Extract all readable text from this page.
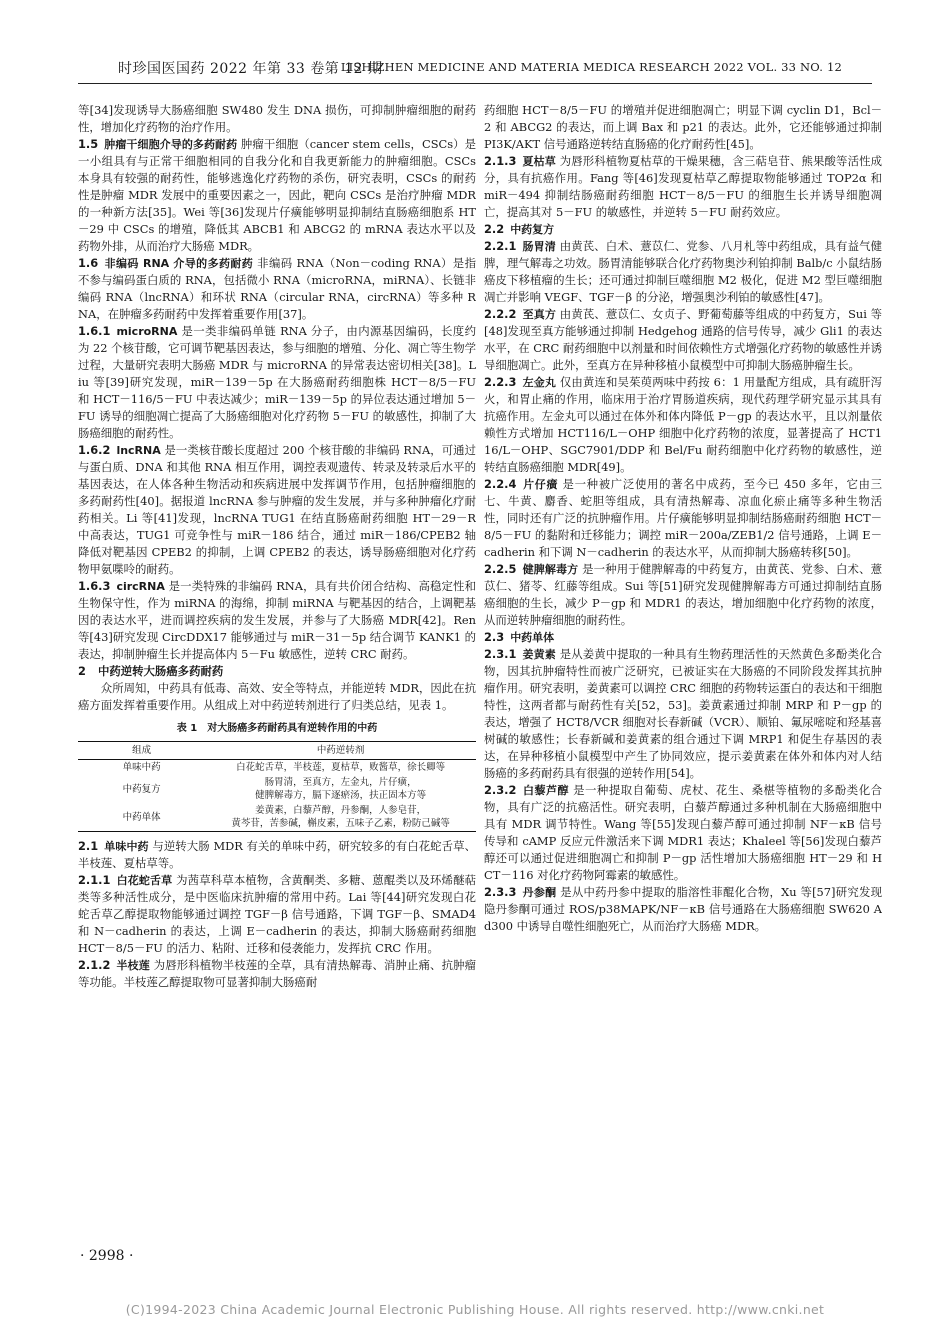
时珍国医国药 2022 年第 33 卷第 12 期
LISHIZHEN MEDICINE AND MATERIA MEDICA RESEARCH 2022 VOL. 33 NO. 12

等[34]发现诱导大肠癌细胞 SW480 发生 DNA 损伤，可抑制肿瘤细胞的耐药性，增加化疗药物的治疗作用。

1.5 肿瘤干细胞介导的多药耐药 肿瘤干细胞（cancer stem cells，CSCs）是一小组具有与正常干细胞相同的自我分化和自我更新能力的肿瘤细胞。CSCs 本身具有较强的耐药性，能够逃逸化疗药物的杀伤，研究表明，CSCs 的耐药性是肿瘤 MDR 发展中的重要因素之一，因此，靶向 CSCs 是治疗肿瘤 MDR 的一种新方法[35]。Wei 等[36]发现片仔癀能够明显抑制结直肠癌细胞系 HT－29 中 CSCs 的增殖，降低其 ABCB1 和 ABCG2 的 mRNA 表达水平以及药物外排，从而治疗大肠癌 MDR。

1.6 非编码 RNA 介导的多药耐药 非编码 RNA（Non－coding RNA）是指不参与编码蛋白质的 RNA，包括微小 RNA（microRNA，miRNA）、长链非编码 RNA（lncRNA）和环状 RNA（circular RNA，circRNA）等多种 RNA，在肿瘤多药耐药中发挥着重要作用[37]。

1.6.1 microRNA 是一类非编码单链 RNA 分子，由内源基因编码，长度约为 22 个核苷酸，它可调节靶基因表达，参与细胞的增殖、分化、凋亡等生物学过程，大量研究表明大肠癌 MDR 与 microRNA 的异常表达密切相关[38]。Liu 等[39]研究发现，miR－139－5p 在大肠癌耐药细胞株 HCT－8/5－FU 和 HCT－116/5－FU 中表达减少；miR－139－5p 的异位表达通过增加 5－FU 诱导的细胞凋亡提高了大肠癌细胞对化疗药物 5－FU 的敏感性，抑制了大肠癌细胞的耐药性。

1.6.2 lncRNA 是一类核苷酸长度超过 200 个核苷酸的非编码 RNA，可通过与蛋白质、DNA 和其他 RNA 相互作用，调控表观遗传、转录及转录后水平的基因表达，在人体各种生物活动和疾病进展中发挥调节作用，包括肿瘤细胞的多药耐药性[40]。据报道 lncRNA 参与肿瘤的发生发展，并与多种肿瘤化疗耐药相关。Li 等[41]发现，lncRNA TUG1 在结直肠癌耐药细胞 HT－29－R 中高表达，TUG1 可竞争性与 miR－186 结合，通过 miR－186/CPEB2 轴降低对靶基因 CPEB2 的抑制，上调 CPEB2 的表达，诱导肠癌细胞对化疗药物甲氨喋呤的耐药。

1.6.3 circRNA 是一类特殊的非编码 RNA，具有共价闭合结构、高稳定性和生物保守性，作为 miRNA 的海绵，抑制 miRNA 与靶基因的结合，上调靶基因的表达水平，进而调控疾病的发生发展，并参与了大肠癌 MDR[42]。Ren 等[43]研究发现 CircDDX17 能够通过与 miR－31－5p 结合调节 KANK1 的表达，抑制肿瘤生长并提高体内 5－Fu 敏感性，逆转 CRC 耐药。

2 中药逆转大肠癌多药耐药

众所周知，中药具有低毒、高效、安全等特点，并能逆转 MDR，因此在抗癌方面发挥着重要作用。从组成上对中药逆转剂进行了归类总结，见表 1。

表 1　对大肠癌多药耐药具有逆转作用的中药
组成	中药逆转剂
单味中药	白花蛇舌草，半枝莲，夏枯草，败酱草，徐长卿等

中药复方	肠胃清，至真方，左金丸，片仔癀，
健脾解毒方，膈下逐瘀汤，扶正固本方等

中药单体	姜黄素，白藜芦醇，丹参酮，人参皂苷，
黄芩苷，苦参碱，槲皮素，五味子乙素，粉防己碱等

2.1 单味中药 与逆转大肠 MDR 有关的单味中药，研究较多的有白花蛇舌草、半枝莲、夏枯草等。

2.1.1 白花蛇舌草 为茜草科草本植物，含黄酮类、多糖、蒽醌类以及环烯醚萜类等多种活性成分，是中医临床抗肿瘤的常用中药。Lai 等[44]研究发现白花蛇舌草乙醇提取物能够通过调控 TGF－β 信号通路，下调 TGF－β、SMAD4 和 N－cadherin 的表达，上调 E－cadherin 的表达，抑制大肠癌耐药细胞 HCT－8/5－FU 的活力、粘附、迁移和侵袭能力，发挥抗 CRC 作用。

2.1.2 半枝莲 为唇形科植物半枝莲的全草，具有清热解毒、消肿止痛、抗肿瘤等功能。半枝莲乙醇提取物可显著抑制大肠癌耐

药细胞 HCT－8/5－FU 的增殖并促进细胞凋亡；明显下调 cyclin D1，Bcl－2 和 ABCG2 的表达，而上调 Bax 和 p21 的表达。此外，它还能够通过抑制 PI3K/AKT 信号通路逆转结直肠癌的化疗耐药性[45]。

2.1.3 夏枯草 为唇形科植物夏枯草的干燥果穗，含三萜皂苷、熊果酸等活性成分，具有抗癌作用。Fang 等[46]发现夏枯草乙醇提取物能够通过 TOP2α 和 miR－494 抑制结肠癌耐药细胞 HCT－8/5－FU 的细胞生长并诱导细胞凋亡，提高其对 5－FU 的敏感性，并逆转 5－FU 耐药效应。

2.2 中药复方

2.2.1 肠胃清 由黄芪、白术、薏苡仁、党参、八月札等中药组成，具有益气健脾，理气解毒之功效。肠胃清能够联合化疗药物奥沙利铂抑制 Balb/c 小鼠结肠癌皮下移植瘤的生长；还可通过抑制巨噬细胞 M2 极化，促进 M2 型巨噬细胞凋亡并影响 VEGF、TGF－β 的分泌，增强奥沙利铂的敏感性[47]。

2.2.2 至真方 由黄芪、薏苡仁、女贞子、野葡萄藤等组成的中药复方，Sui 等[48]发现至真方能够通过抑制 Hedgehog 通路的信号传导，减少 Gli1 的表达水平，在 CRC 耐药细胞中以剂量和时间依赖性方式增强化疗药物的敏感性并诱导细胞凋亡。此外，至真方在异种移植小鼠模型中可抑制大肠癌肿瘤生长。

2.2.3 左金丸 仅由黄连和吴茱萸两味中药按 6：1 用量配方组成，具有疏肝泻火，和胃止痛的作用，临床用于治疗胃肠道疾病，现代药理学研究显示其具有抗癌作用。左金丸可以通过在体外和体内降低 P－gp 的表达水平，且以剂量依赖性方式增加 HCT116/L－OHP 细胞中化疗药物的浓度，显著提高了 HCT116/L－OHP、SGC7901/DDP 和 Bel/Fu 耐药细胞中化疗药物的敏感性，逆转结直肠癌细胞 MDR[49]。

2.2.4 片仔癀 是一种被广泛使用的著名中成药，至今已 450 多年，它由三七、牛黄、麝香、蛇胆等组成，具有清热解毒、凉血化瘀止痛等多种生物活性，同时还有广泛的抗肿瘤作用。片仔癀能够明显抑制结肠癌耐药细胞 HCT－8/5－FU 的黏附和迁移能力；调控 miR－200a/ZEB1/2 信号通路，上调 E－cadherin 和下调 N－cadherin 的表达水平，从而抑制大肠癌转移[50]。

2.2.5 健脾解毒方 是一种用于健脾解毒的中药复方，由黄芪、党参、白术、薏苡仁、猪苓、红藤等组成。Sui 等[51]研究发现健脾解毒方可通过抑制结直肠癌细胞的生长，减少 P－gp 和 MDR1 的表达，增加细胞中化疗药物的浓度，从而逆转肿瘤细胞的耐药性。

2.3 中药单体

2.3.1 姜黄素 是从姜黄中提取的一种具有生物药理活性的天然黄色多酚类化合物，因其抗肿瘤特性而被广泛研究，已被证实在大肠癌的不同阶段发挥其抗肿瘤作用。研究表明，姜黄素可以调控 CRC 细胞的药物转运蛋白的表达和干细胞特性，这两者都与耐药性有关[52，53]。姜黄素通过抑制 MRP 和 P－gp 的表达，增强了 HCT8/VCR 细胞对长春新碱（VCR）、顺铂、氟尿嘧啶和羟基喜树碱的敏感性；长春新碱和姜黄素的组合通过下调 MRP1 和促生存基因的表达，在异种移植小鼠模型中产生了协同效应，提示姜黄素在体外和体内对人结肠癌的多药耐药具有很强的逆转作用[54]。

2.3.2 白藜芦醇 是一种提取自葡萄、虎杖、花生、桑椹等植物的多酚类化合物，具有广泛的抗癌活性。研究表明，白藜芦醇通过多种机制在大肠癌细胞中具有 MDR 调节特性。Wang 等[55]发现白藜芦醇可通过抑制 NF－κB 信号传导和 cAMP 反应元件激活来下调 MDR1 表达；Khaleel 等[56]发现白藜芦醇还可以通过促进细胞凋亡和抑制 P－gp 活性增加大肠癌细胞 HT－29 和 HCT－116 对化疗药物阿霉素的敏感性。

2.3.3 丹参酮 是从中药丹参中提取的脂溶性菲醌化合物，Xu 等[57]研究发现隐丹参酮可通过 ROS/p38MAPK/NF－κB 信号通路在大肠癌细胞 SW620 Ad300 中诱导自噬性细胞死亡，从而治疗大肠癌 MDR。

· 2998 ·
(C)1994-2023 China Academic Journal Electronic Publishing House. All rights reserved. http://www.cnki.net
